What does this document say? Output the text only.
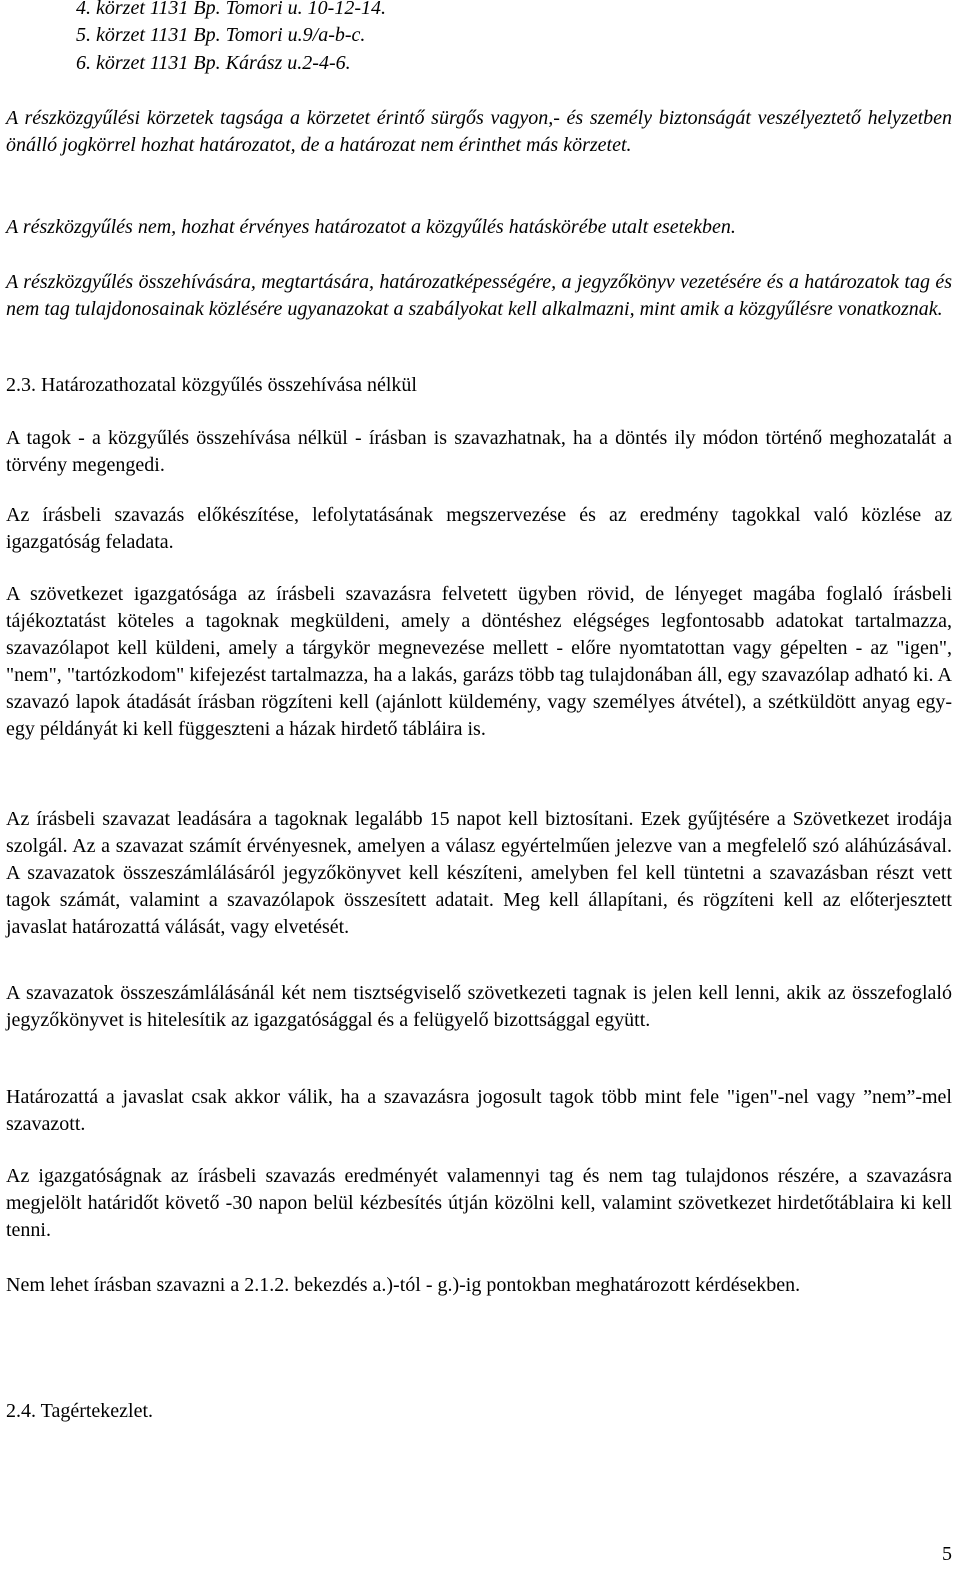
4. körzet 1131 Bp. Tomori u. 10-12-14.

5. körzet 1131 Bp. Tomori u.9/a-b-c.

6. körzet 1131 Bp. Kárász u.2-4-6.

A részközgyűlési körzetek tagsága a körzetet érintő sürgős vagyon,- és személy biztonságát veszélyeztető helyzetben önálló jogkörrel hozhat határozatot, de a határozat nem érinthet más körzetet.

A részközgyűlés nem, hozhat érvényes határozatot a közgyűlés hatáskörébe utalt esetekben.

A részközgyűlés összehívására, megtartására, határozatképességére, a jegyzőkönyv vezetésére és a határozatok tag és nem tag tulajdonosainak közlésére ugyanazokat a szabályokat kell alkalmazni, mint amik a közgyűlésre vonatkoznak.

2.3. Határozathozatal közgyűlés összehívása nélkül

A tagok - a közgyűlés összehívása nélkül - írásban is szavazhatnak, ha a döntés ily módon történő meghozatalát a törvény megengedi.

Az írásbeli szavazás előkészítése, lefolytatásának megszervezése és az eredmény tagokkal való közlése az igazgatóság feladata.

A szövetkezet igazgatósága az írásbeli szavazásra felvetett ügyben rövid, de lényeget magába foglaló írásbeli tájékoztatást köteles a tagoknak megküldeni, amely a döntéshez elégséges legfontosabb adatokat tartalmazza, szavazólapot kell küldeni, amely a tárgykör megnevezése mellett - előre nyomtatottan vagy gépelten - az "igen", "nem", "tartózkodom" kifejezést tartalmazza, ha a lakás, garázs több tag tulajdonában áll, egy szavazólap adható ki. A szavazó lapok átadását írásban rögzíteni kell (ajánlott küldemény, vagy személyes átvétel), a szétküldött anyag egy-egy példányát ki kell függeszteni a házak hirdető tábláira is.

Az írásbeli szavazat leadására a tagoknak legalább 15 napot kell biztosítani. Ezek gyűjtésére a Szövetkezet irodája szolgál. Az a szavazat számít érvényesnek, amelyen a válasz egyértelműen jelezve van a megfelelő szó aláhúzásával. A szavazatok összeszámlálásáról jegyzőkönyvet kell készíteni, amelyben fel kell tüntetni a szavazásban részt vett tagok számát, valamint a szavazólapok összesített adatait. Meg kell állapítani, és rögzíteni kell az előterjesztett javaslat határozattá válását, vagy elvetését.

A szavazatok összeszámlálásánál két nem tisztségviselő szövetkezeti tagnak is jelen kell lenni, akik az összefoglaló jegyzőkönyvet is hitelesítik az igazgatósággal és a felügyelő bizottsággal együtt.

Határozattá a javaslat csak akkor válik, ha a szavazásra jogosult tagok több mint fele "igen"-nel vagy ”nem”-mel szavazott.

Az igazgatóságnak az írásbeli szavazás eredményét valamennyi tag és nem tag tulajdonos részére, a szavazásra megjelölt határidőt követő -30 napon belül kézbesítés útján közölni kell, valamint szövetkezet hirdetőtáblaira ki kell tenni.

Nem lehet írásban szavazni a 2.1.2. bekezdés a.)-tól - g.)-ig pontokban meghatározott kérdésekben.

2.4. Tagértekezlet.

5
